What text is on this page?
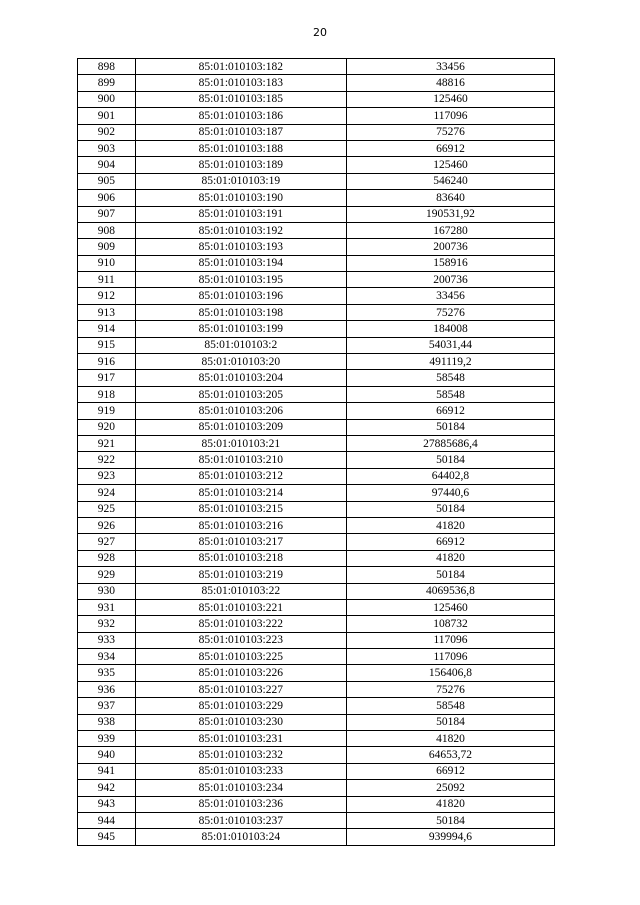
20
898	85:01:010103:182	33456
899	85:01:010103:183	48816
900	85:01:010103:185	125460
901	85:01:010103:186	117096
902	85:01:010103:187	75276
903	85:01:010103:188	66912
904	85:01:010103:189	125460
905	85:01:010103:19	546240
906	85:01:010103:190	83640
907	85:01:010103:191	190531,92
908	85:01:010103:192	167280
909	85:01:010103:193	200736
910	85:01:010103:194	158916
911	85:01:010103:195	200736
912	85:01:010103:196	33456
913	85:01:010103:198	75276
914	85:01:010103:199	184008
915	85:01:010103:2	54031,44
916	85:01:010103:20	491119,2
917	85:01:010103:204	58548
918	85:01:010103:205	58548
919	85:01:010103:206	66912
920	85:01:010103:209	50184
921	85:01:010103:21	27885686,4
922	85:01:010103:210	50184
923	85:01:010103:212	64402,8
924	85:01:010103:214	97440,6
925	85:01:010103:215	50184
926	85:01:010103:216	41820
927	85:01:010103:217	66912
928	85:01:010103:218	41820
929	85:01:010103:219	50184
930	85:01:010103:22	4069536,8
931	85:01:010103:221	125460
932	85:01:010103:222	108732
933	85:01:010103:223	117096
934	85:01:010103:225	117096
935	85:01:010103:226	156406,8
936	85:01:010103:227	75276
937	85:01:010103:229	58548
938	85:01:010103:230	50184
939	85:01:010103:231	41820
940	85:01:010103:232	64653,72
941	85:01:010103:233	66912
942	85:01:010103:234	25092
943	85:01:010103:236	41820
944	85:01:010103:237	50184
945	85:01:010103:24	939994,6
